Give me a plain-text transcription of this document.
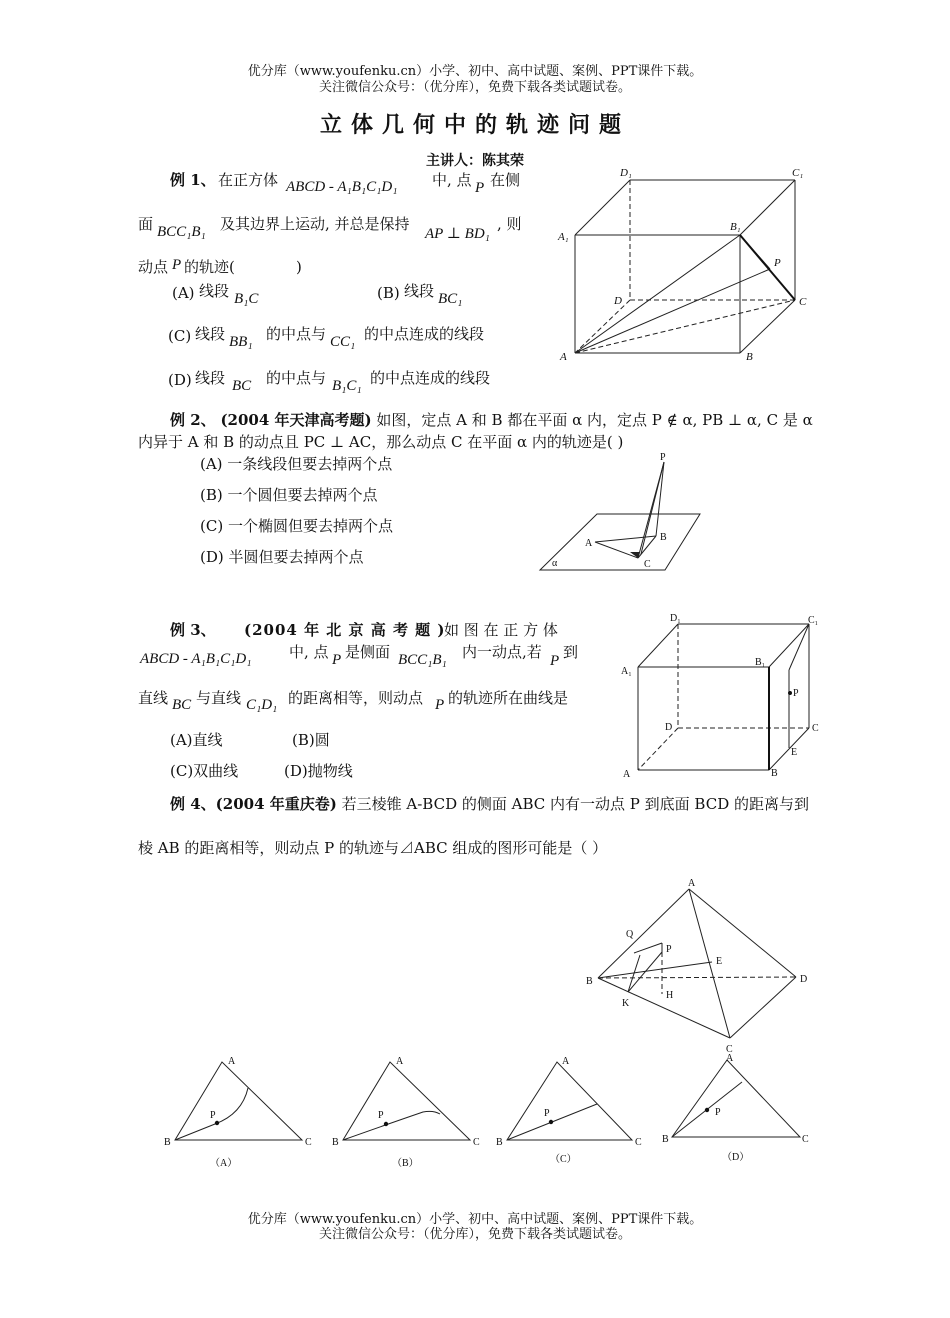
优分库（www.youfenku.cn）小学、初中、高中试题、案例、PPT课件下载。
关注微信公众号：（优分库），免费下载各类试题试卷。
立体几何中的轨迹问题
主讲人：陈其荣
例 1、 在正方体 ABCD - A₁B₁C₁D₁ 中, 点 P 在侧
面 BCC₁B₁ 及其边界上运动, 并总是保持
AP ⊥ BD₁
, 则
动点 P 的轨迹(	)
(A) 线段 B₁C	(B) 线段 BC₁
(C) 线段 BB₁ 的中点与 CC₁ 的中点连成的线段
(D) 线段 BC 的中点与 B₁C₁ 的中点连成的线段
D₁	C₁
A₁
B₁
P
D	C
A	B
例 2、 (2004 年天津高考题) 如图，定点 A 和 B 都在平面 α 内，定点 P ∉ α, PB ⊥ α, C 是 α
内异于 A 和 B 的动点且 PC ⊥ AC，那么动点 C 在平面 α 内的轨迹是( )
(A) 一条线段但要去掉两个点
(B) 一个圆但要去掉两个点
(C) 一个椭圆但要去掉两个点
(D) 半圆但要去掉两个点
P
A
B
C
α
例 3、 (2004 年 北 京 高 考 题 )
如 图 在 正 方 体
ABCD - A₁B₁C₁D₁	中, 点 P 是侧面 BCC₁B₁ 内一动点,若 P 到
直线 BC 与直线 C₁D₁ 的距离相等，则动点 P 的轨迹所在曲线是
(A)直线	(B)圆
(C)双曲线	(D)抛物线
D₁	C₁
A₁
B₁
P
D	C
E
A	B
例 4、(2004 年重庆卷) 若三棱锥 A-BCD 的侧面 ABC 内有一动点 P 到底面 BCD 的距离与到
棱 AB 的距离相等，则动点 P 的轨迹与⊿ABC 组成的图形可能是（ ）
A
Q
P
E
B	D
H
K
C
A
P
B	C
（A）
A
P
B	C
（B）
A
P
B	C
（C）
A
P
B	C
（D）
优分库（www.youfenku.cn）小学、初中、高中试题、案例、PPT课件下载。
关注微信公众号：（优分库），免费下载各类试题试卷。
